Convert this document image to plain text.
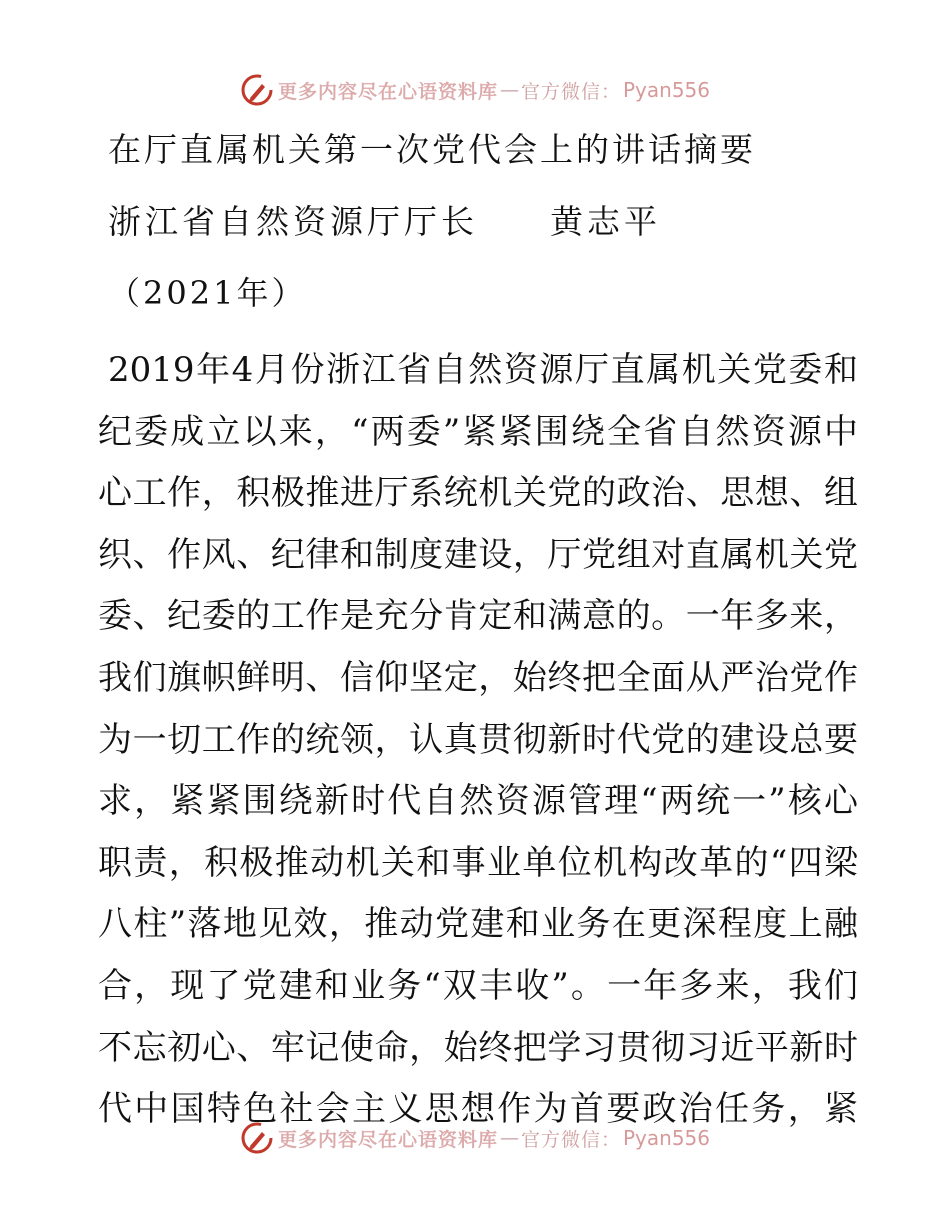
更多内容尽在心语资料库 — 官方微信： Pyan556
在厅直属机关第一次党代会上的讲话摘要
浙江省自然资源厅厅长 黄志平
（2021年）
2019年4月份浙江省自然资源厅直属机关党委和
纪委成立以来，“两委”紧紧围绕全省自然资源中
心工作，积极推进厅系统机关党的政治、思想、组
织、作风、纪律和制度建设，厅党组对直属机关党
委、纪委的工作是充分肯定和满意的。一年多来，
我们旗帜鲜明、信仰坚定，始终把全面从严治党作
为一切工作的统领，认真贯彻新时代党的建设总要
求，紧紧围绕新时代自然资源管理“两统一”核心
职责，积极推动机关和事业单位机构改革的“四梁
八柱”落地见效，推动党建和业务在更深程度上融
合，现了党建和业务“双丰收”。一年多来，我们
不忘初心、牢记使命，始终把学习贯彻习近平新时
代中国特色社会主义思想作为首要政治任务，紧
更多内容尽在心语资料库 — 官方微信： Pyan556
